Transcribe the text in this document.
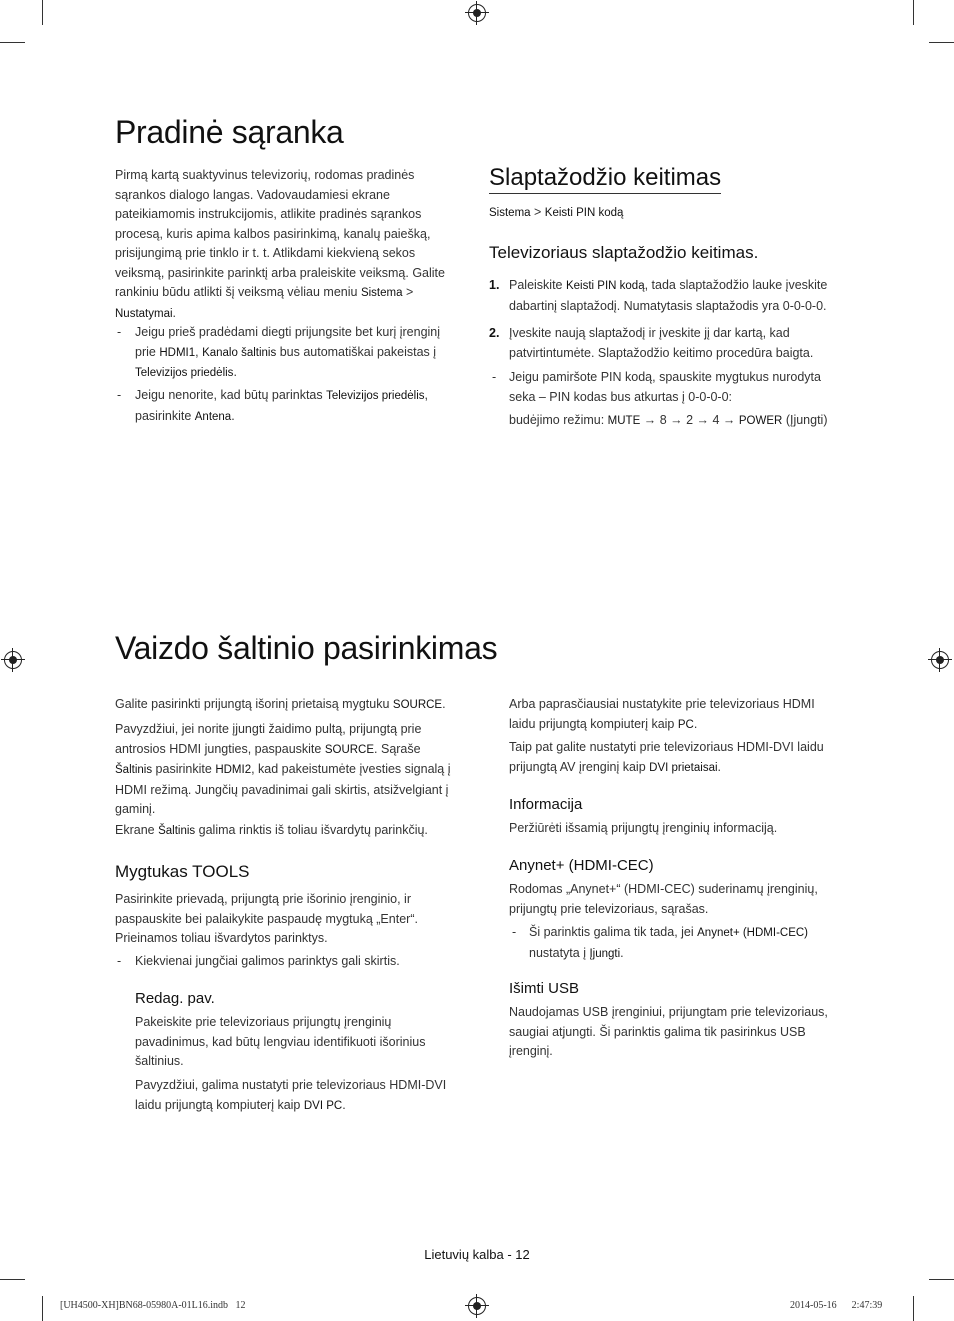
Pradinė sąranka

Pirmą kartą suaktyvinus televizorių, rodomas pradinės sąrankos dialogo langas. Vadovaudamiesi ekrane pateikiamomis instrukcijomis, atlikite pradinės sąrankos procesą, kuris apima kalbos pasirinkimą, kanalų paiešką, prisijungimą prie tinklo ir t. t. Atlikdami kiekvieną sekos veiksmą, pasirinkite parinktį arba praleiskite veiksmą. Galite rankiniu būdu atlikti šį veiksmą vėliau meniu Sistema > Nustatymai.

- Jeigu prieš pradėdami diegti prijungsite bet kurį įrenginį prie HDMI1, Kanalo šaltinis bus automatiškai pakeistas į Televizijos priedėlis.

- Jeigu nenorite, kad būtų parinktas Televizijos priedėlis, pasirinkite Antena.

Slaptažodžio keitimas

Sistema > Keisti PIN kodą

Televizoriaus slaptažodžio keitimas.
1. Paleiskite Keisti PIN kodą, tada slaptažodžio lauke įveskite dabartinį slaptažodį. Numatytasis slaptažodis yra 0-0-0-0.

2. Įveskite naują slaptažodį ir įveskite jį dar kartą, kad patvirtintumėte. Slaptažodžio keitimo procedūra baigta.

- Jeigu pamiršote PIN kodą, spauskite mygtukus nurodyta seka – PIN kodas bus atkurtas į 0-0-0-0:

budėjimo režimu: MUTE → 8 → 2 → 4 → POWER (Įjungti)

Vaizdo šaltinio pasirinkimas

Galite pasirinkti prijungtą išorinį prietaisą mygtuku SOURCE.

Pavyzdžiui, jei norite įjungti žaidimo pultą, prijungtą prie antrosios HDMI jungties, paspauskite SOURCE. Sąraše Šaltinis pasirinkite HDMI2, kad pakeistumėte įvesties signalą į HDMI režimą. Jungčių pavadinimai gali skirtis, atsižvelgiant į gaminį.

Ekrane Šaltinis galima rinktis iš toliau išvardytų parinkčių.

Mygtukas TOOLS

Pasirinkite prievadą, prijungtą prie išorinio įrenginio, ir paspauskite bei palaikykite paspaudę mygtuką „Enter“. Prieinamos toliau išvardytos parinktys.

- Kiekvienai jungčiai galimos parinktys gali skirtis.

Redag. pav.

Pakeiskite prie televizoriaus prijungtų įrenginių pavadinimus, kad būtų lengviau identifikuoti išorinius šaltinius.

Pavyzdžiui, galima nustatyti prie televizoriaus HDMI-DVI laidu prijungtą kompiuterį kaip DVI PC.

Arba paprasčiausiai nustatykite prie televizoriaus HDMI laidu prijungtą kompiuterį kaip PC.

Taip pat galite nustatyti prie televizoriaus HDMI-DVI laidu prijungtą AV įrenginį kaip DVI prietaisai.

Informacija

Peržiūrėti išsamią prijungtų įrenginių informaciją.

Anynet+ (HDMI-CEC)

Rodomas „Anynet+“ (HDMI-CEC) suderinamų įrenginių, prijungtų prie televizoriaus, sąrašas.

- Ši parinktis galima tik tada, jei Anynet+ (HDMI-CEC) nustatyta į Įjungti.

Išimti USB

Naudojamas USB įrenginiui, prijungtam prie televizoriaus, saugiai atjungti. Ši parinktis galima tik pasirinkus USB įrenginį.

Lietuvių kalba - 12
[UH4500-XH]BN68-05980A-01L16.indb   12	2014-05-16     2:47:39
